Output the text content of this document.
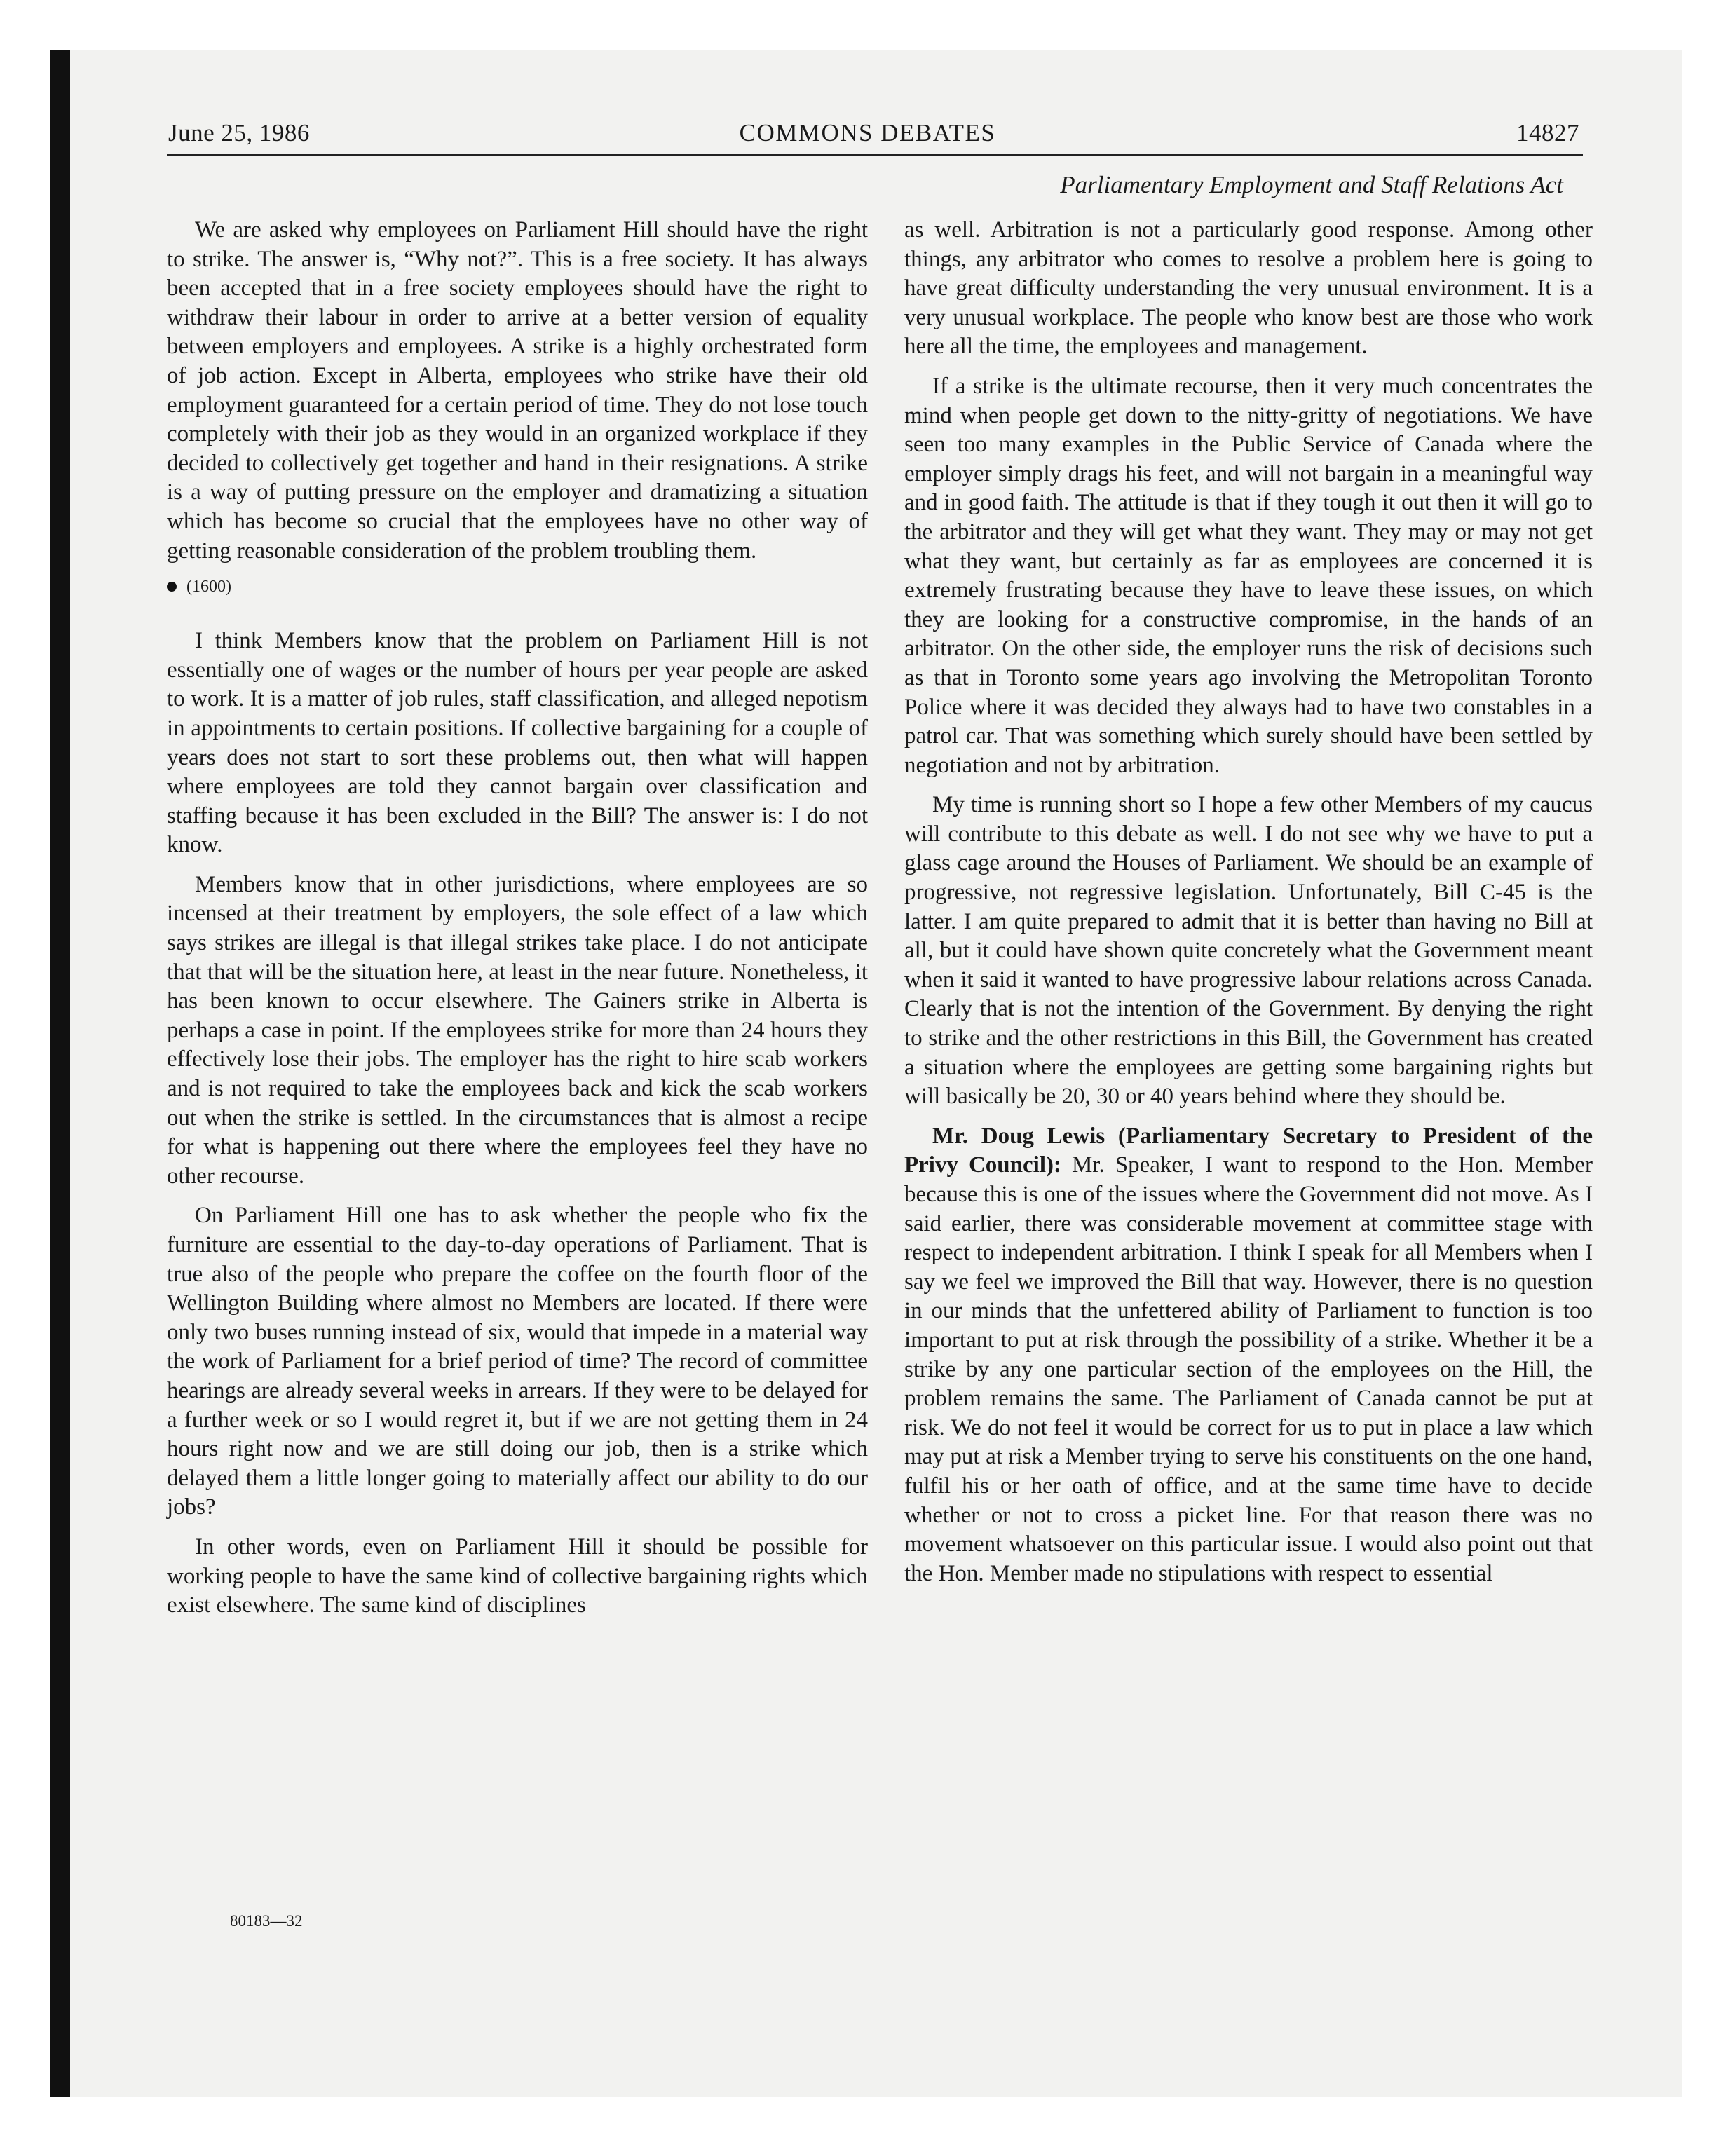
June 25, 1986	COMMONS DEBATES	14827
Parliamentary Employment and Staff Relations Act

We are asked why employees on Parliament Hill should have the right to strike. The answer is, “Why not?”. This is a free society. It has always been accepted that in a free society employees should have the right to withdraw their labour in order to arrive at a better version of equality between employers and employees. A strike is a highly orchestrated form of job action. Except in Alberta, employees who strike have their old employment guaranteed for a certain period of time. They do not lose touch completely with their job as they would in an organized workplace if they decided to collectively get together and hand in their resignations. A strike is a way of putting pressure on the employer and dramatizing a situation which has become so crucial that the employees have no other way of getting reasonable consideration of the problem troubling them.

(1600)

I think Members know that the problem on Parliament Hill is not essentially one of wages or the number of hours per year people are asked to work. It is a matter of job rules, staff classification, and alleged nepotism in appointments to certain positions. If collective bargaining for a couple of years does not start to sort these problems out, then what will happen where employees are told they cannot bargain over classification and staffing because it has been excluded in the Bill? The answer is: I do not know.

Members know that in other jurisdictions, where employees are so incensed at their treatment by employers, the sole effect of a law which says strikes are illegal is that illegal strikes take place. I do not anticipate that that will be the situation here, at least in the near future. Nonetheless, it has been known to occur elsewhere. The Gainers strike in Alberta is perhaps a case in point. If the employees strike for more than 24 hours they effectively lose their jobs. The employer has the right to hire scab workers and is not required to take the employees back and kick the scab workers out when the strike is settled. In the circumstances that is almost a recipe for what is happening out there where the employees feel they have no other recourse.

On Parliament Hill one has to ask whether the people who fix the furniture are essential to the day-to-day operations of Parliament. That is true also of the people who prepare the coffee on the fourth floor of the Wellington Building where almost no Members are located. If there were only two buses running instead of six, would that impede in a material way the work of Parliament for a brief period of time? The record of committee hearings are already several weeks in arrears. If they were to be delayed for a further week or so I would regret it, but if we are not getting them in 24 hours right now and we are still doing our job, then is a strike which delayed them a little longer going to materially affect our ability to do our jobs?

In other words, even on Parliament Hill it should be possible for working people to have the same kind of collective bargaining rights which exist elsewhere. The same kind of disciplines

as well. Arbitration is not a particularly good response. Among other things, any arbitrator who comes to resolve a problem here is going to have great difficulty understanding the very unusual environment. It is a very unusual workplace. The people who know best are those who work here all the time, the employees and management.

If a strike is the ultimate recourse, then it very much concentrates the mind when people get down to the nitty-gritty of negotiations. We have seen too many examples in the Public Service of Canada where the employer simply drags his feet, and will not bargain in a meaningful way and in good faith. The attitude is that if they tough it out then it will go to the arbitrator and they will get what they want. They may or may not get what they want, but certainly as far as employees are concerned it is extremely frustrating because they have to leave these issues, on which they are looking for a constructive compromise, in the hands of an arbitrator. On the other side, the employer runs the risk of decisions such as that in Toronto some years ago involving the Metropolitan Toronto Police where it was decided they always had to have two constables in a patrol car. That was something which surely should have been settled by negotiation and not by arbitration.

My time is running short so I hope a few other Members of my caucus will contribute to this debate as well. I do not see why we have to put a glass cage around the Houses of Parliament. We should be an example of progressive, not regressive legislation. Unfortunately, Bill C-45 is the latter. I am quite prepared to admit that it is better than having no Bill at all, but it could have shown quite concretely what the Government meant when it said it wanted to have progressive labour relations across Canada. Clearly that is not the intention of the Government. By denying the right to strike and the other restrictions in this Bill, the Government has created a situation where the employees are getting some bargaining rights but will basically be 20, 30 or 40 years behind where they should be.

Mr. Doug Lewis (Parliamentary Secretary to President of the Privy Council): Mr. Speaker, I want to respond to the Hon. Member because this is one of the issues where the Government did not move. As I said earlier, there was considerable movement at committee stage with respect to independent arbitration. I think I speak for all Members when I say we feel we improved the Bill that way. However, there is no question in our minds that the unfettered ability of Parliament to function is too important to put at risk through the possibility of a strike. Whether it be a strike by any one particular section of the employees on the Hill, the problem remains the same. The Parliament of Canada cannot be put at risk. We do not feel it would be correct for us to put in place a law which may put at risk a Member trying to serve his constituents on the one hand, fulfil his or her oath of office, and at the same time have to decide whether or not to cross a picket line. For that reason there was no movement whatsoever on this particular issue. I would also point out that the Hon. Member made no stipulations with respect to essential

80183—32
